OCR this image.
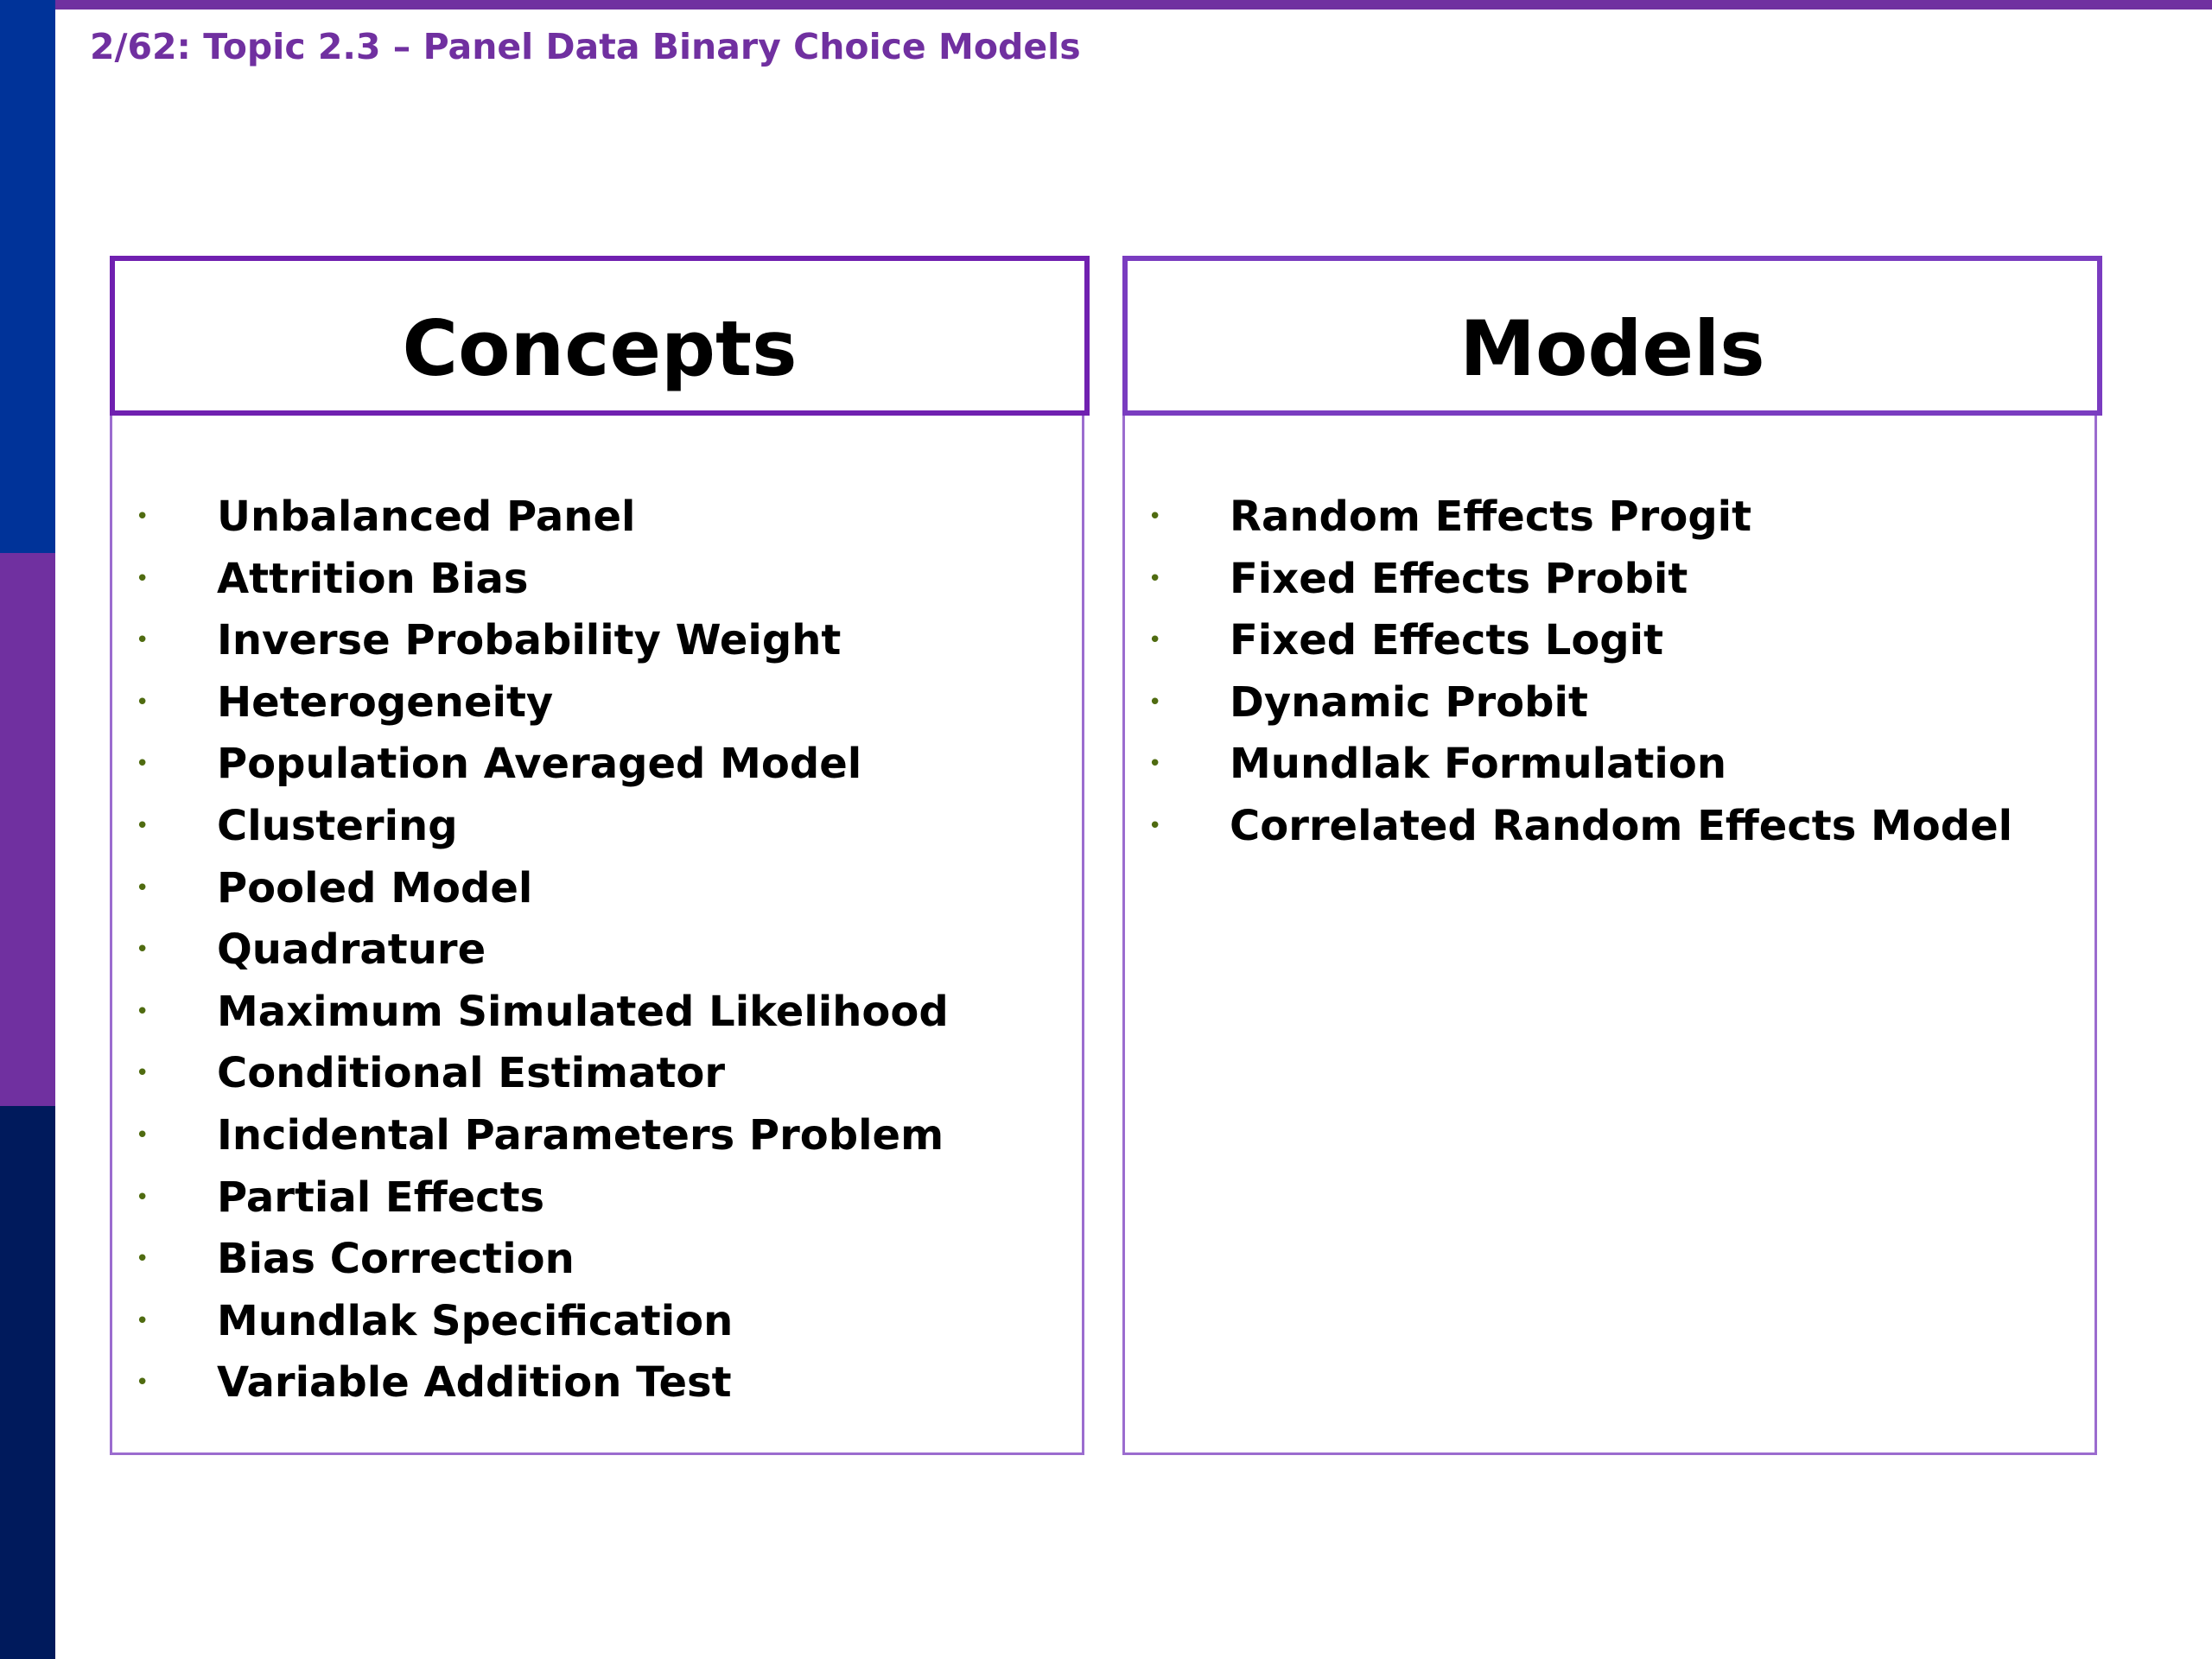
2/62: Topic 2.3 – Panel Data Binary Choice Models
Concepts
• Unbalanced Panel
• Attrition Bias
• Inverse Probability Weight
• Heterogeneity
• Population Averaged Model
• Clustering
• Pooled Model
• Quadrature
• Maximum Simulated Likelihood
• Conditional Estimator
• Incidental Parameters Problem
• Partial Effects
• Bias Correction
• Mundlak Specification
• Variable Addition Test
Models
• Random Effects Progit
• Fixed Effects Probit
• Fixed Effects Logit
• Dynamic Probit
• Mundlak Formulation
• Correlated Random Effects Model
